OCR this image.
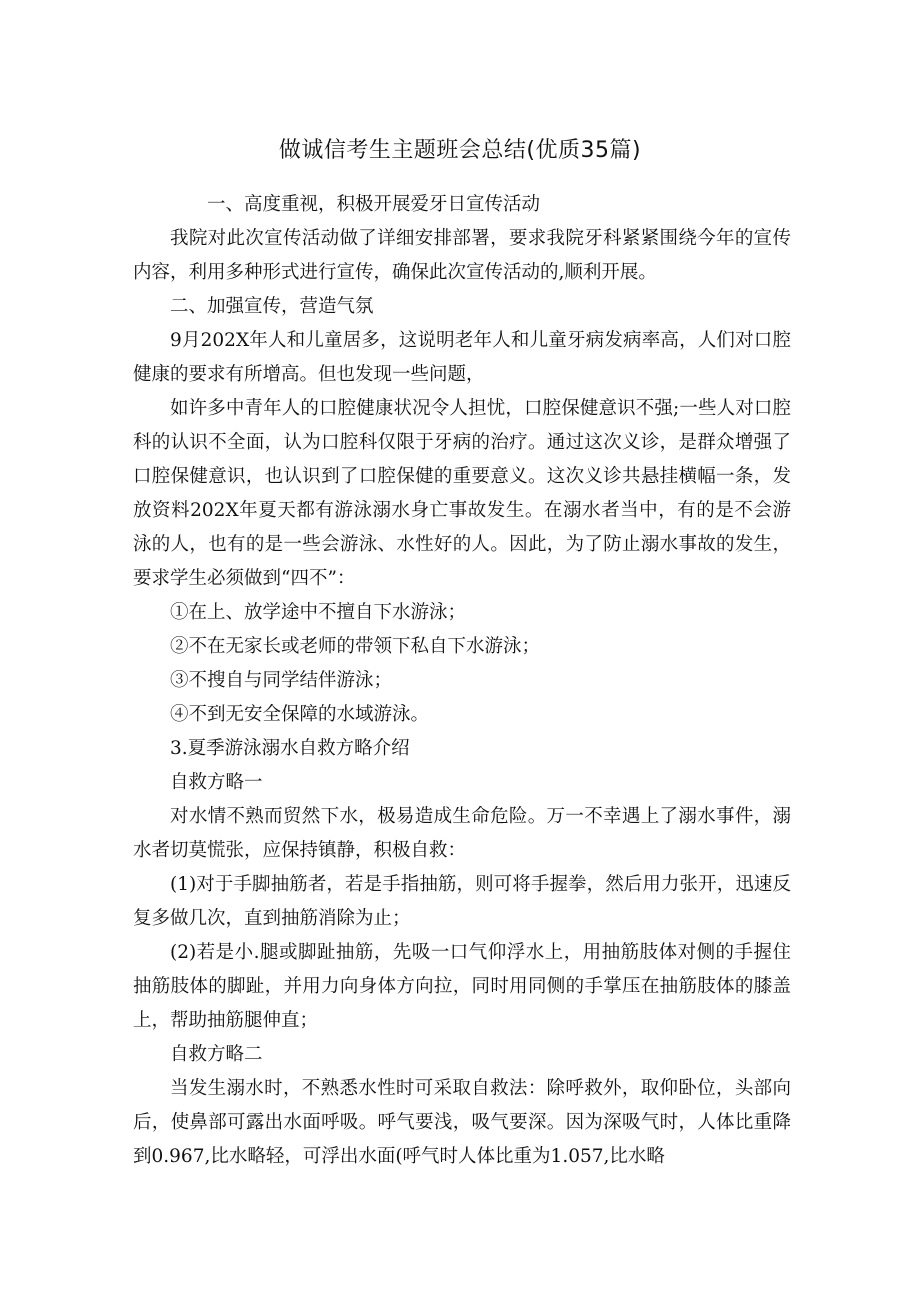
做诚信考生主题班会总结(优质35篇)

一、高度重视，积极开展爱牙日宣传活动

我院对此次宣传活动做了详细安排部署，要求我院牙科紧紧围绕今年的宣传内容，利用多种形式进行宣传，确保此次宣传活动的,顺利开展。

二、加强宣传，营造气氛

9月202X年人和儿童居多，这说明老年人和儿童牙病发病率高，人们对口腔健康的要求有所增高。但也发现一些问题，

如许多中青年人的口腔健康状况令人担忧，口腔保健意识不强;一些人对口腔科的认识不全面，认为口腔科仅限于牙病的治疗。通过这次义诊，是群众增强了口腔保健意识，也认识到了口腔保健的重要意义。这次义诊共悬挂横幅一条，发放资料202X年夏天都有游泳溺水身亡事故发生。在溺水者当中，有的是不会游泳的人，也有的是一些会游泳、水性好的人。因此，为了防止溺水事故的发生，要求学生必须做到“四不”：

①在上、放学途中不擅自下水游泳；

②不在无家长或老师的带领下私自下水游泳；

③不搜自与同学结伴游泳；

④不到无安全保障的水域游泳。

3.夏季游泳溺水自救方略介绍

自救方略一

对水情不熟而贸然下水，极易造成生命危险。万一不幸遇上了溺水事件，溺水者切莫慌张，应保持镇静，积极自救：

(1)对于手脚抽筋者，若是手指抽筋，则可将手握拳，然后用力张开，迅速反复多做几次，直到抽筋消除为止；

(2)若是小.腿或脚趾抽筋，先吸一口气仰浮水上，用抽筋肢体对侧的手握住抽筋肢体的脚趾，并用力向身体方向拉，同时用同侧的手掌压在抽筋肢体的膝盖上，帮助抽筋腿伸直；

自救方略二

当发生溺水时，不熟悉水性时可采取自救法：除呼救外，取仰卧位，头部向后，使鼻部可露出水面呼吸。呼气要浅，吸气要深。因为深吸气时，人体比重降到0.967,比水略轻，可浮出水面(呼气时人体比重为1.057,比水略
